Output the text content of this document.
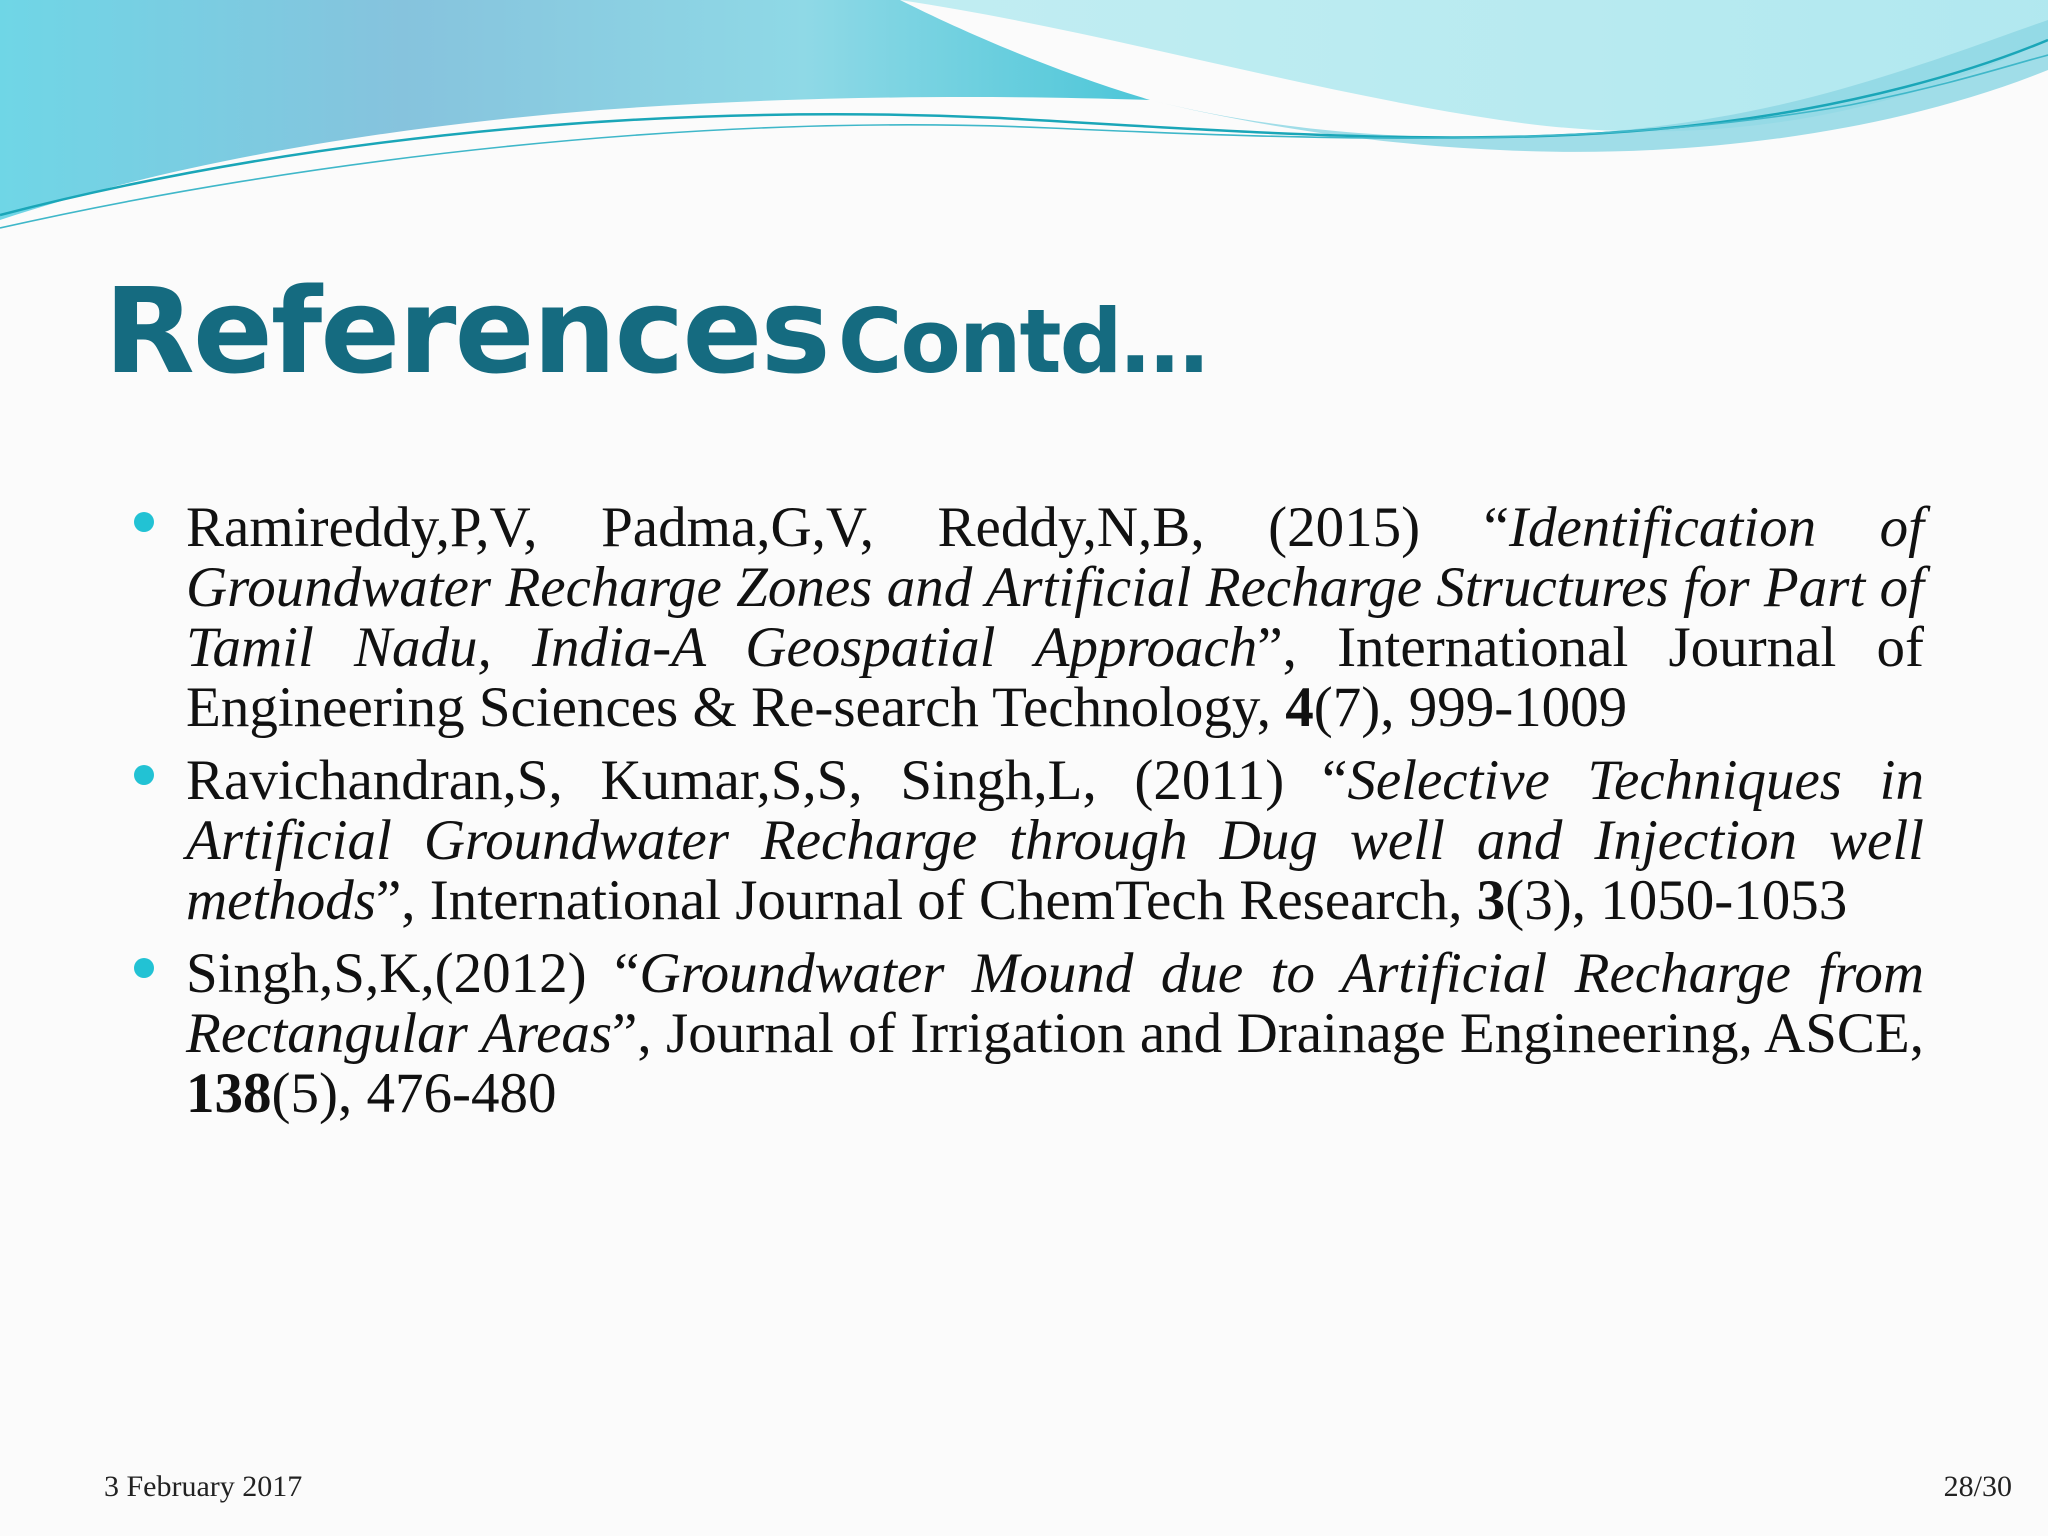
References Contd…
Ramireddy,P,V, Padma,G,V, Reddy,N,B, (2015) “Identification of Groundwater Recharge Zones and Artificial Recharge Structures for Part of Tamil Nadu, India-A Geospatial Approach”, International Journal of Engineering Sciences & Re-search Technology, 4(7), 999-1009
Ravichandran,S, Kumar,S,S, Singh,L, (2011) “Selective Techniques in Artificial Groundwater Recharge through Dug well and Injection well methods”, International Journal of ChemTech Research, 3(3), 1050-1053
Singh,S,K,(2012) “Groundwater Mound due to Artificial Recharge from Rectangular Areas”, Journal of Irrigation and Drainage Engineering, ASCE, 138(5), 476-480
3 February 2017	28/30
